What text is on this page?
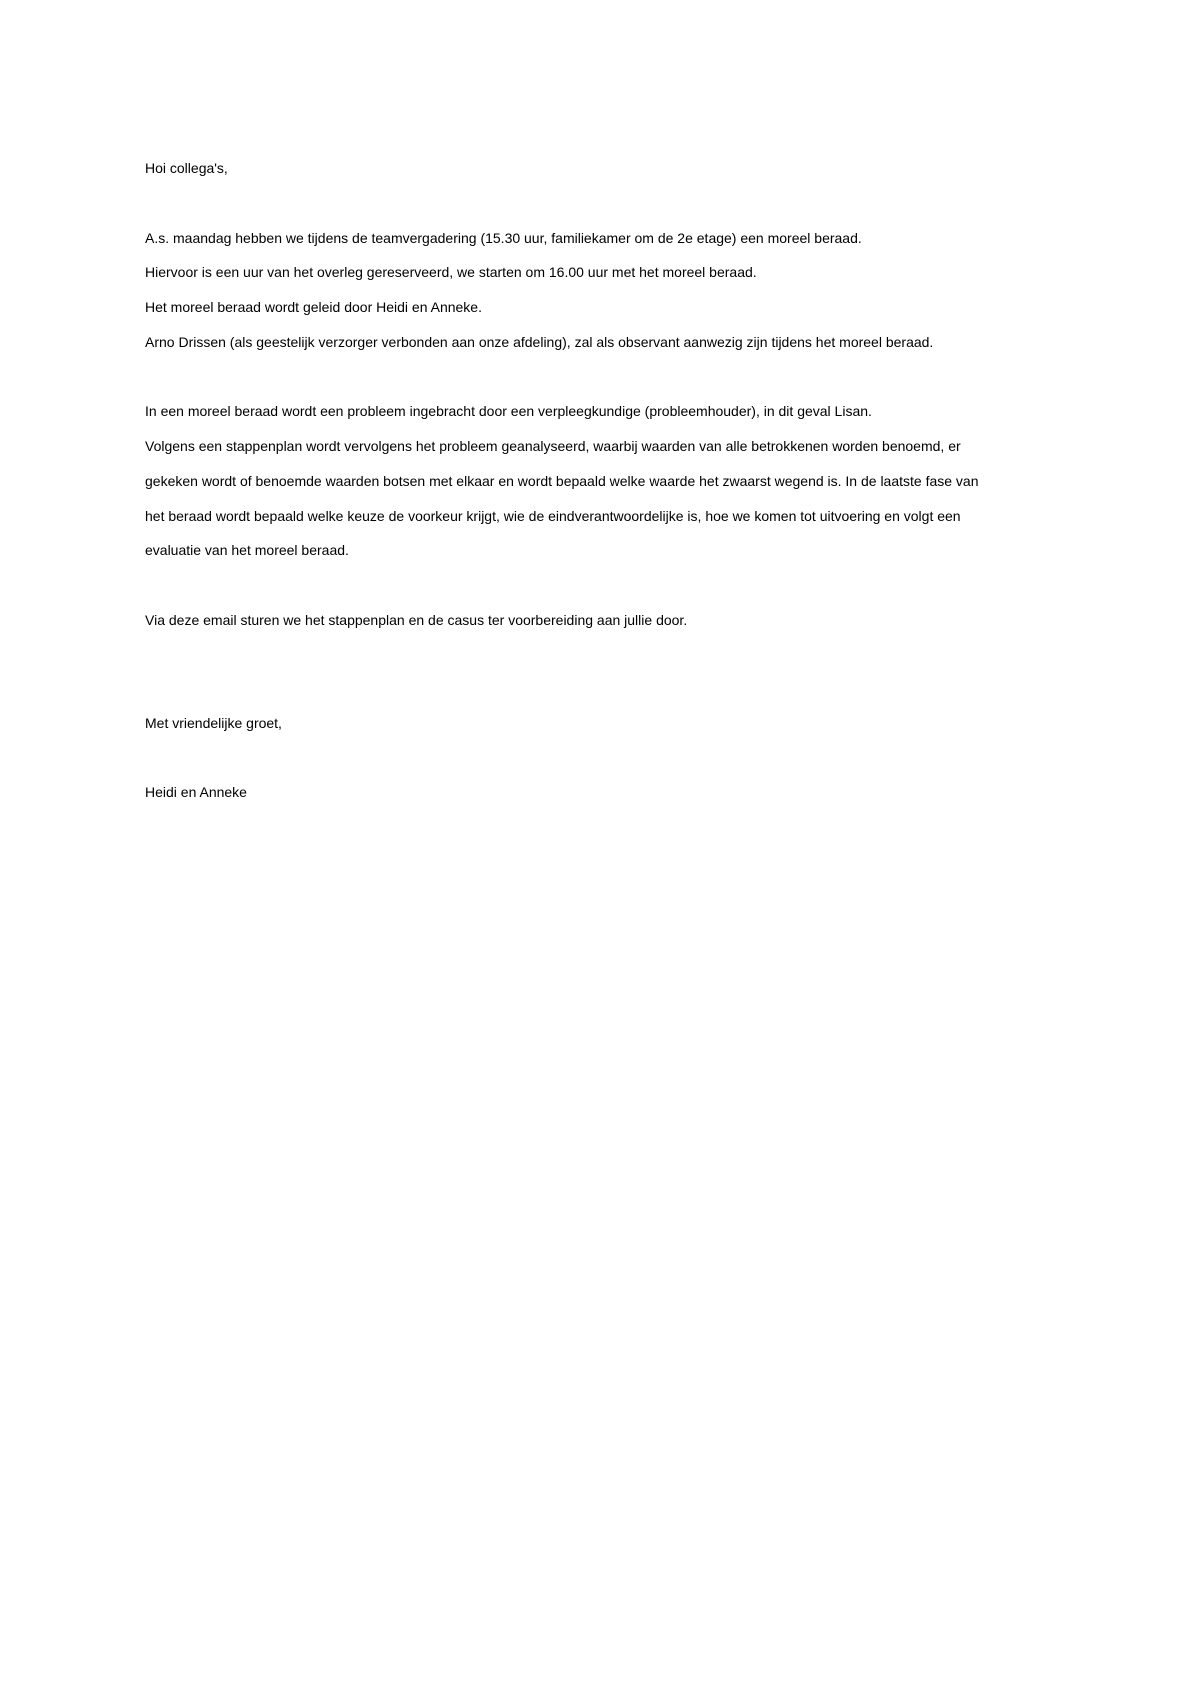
Hoi collega's,
A.s. maandag hebben we tijdens de teamvergadering (15.30 uur, familiekamer om de 2e etage) een moreel beraad.
Hiervoor is een uur van het overleg gereserveerd, we starten om 16.00 uur met het moreel beraad.
Het moreel beraad wordt geleid door Heidi en Anneke.
Arno Drissen (als geestelijk verzorger verbonden aan onze afdeling), zal als observant aanwezig zijn tijdens het moreel beraad.
In een moreel beraad wordt een probleem ingebracht door een verpleegkundige (probleemhouder), in dit geval Lisan.
Volgens een stappenplan wordt vervolgens het probleem geanalyseerd, waarbij waarden van alle betrokkenen worden benoemd, er
gekeken wordt of benoemde waarden botsen met elkaar en wordt bepaald welke waarde het zwaarst wegend is. In de laatste fase van
het beraad wordt bepaald welke keuze de voorkeur krijgt, wie de eindverantwoordelijke is, hoe we komen tot uitvoering en volgt een
evaluatie van het moreel beraad.
Via deze email sturen we het stappenplan en de casus ter voorbereiding aan jullie door.
Met vriendelijke groet,
Heidi en Anneke
